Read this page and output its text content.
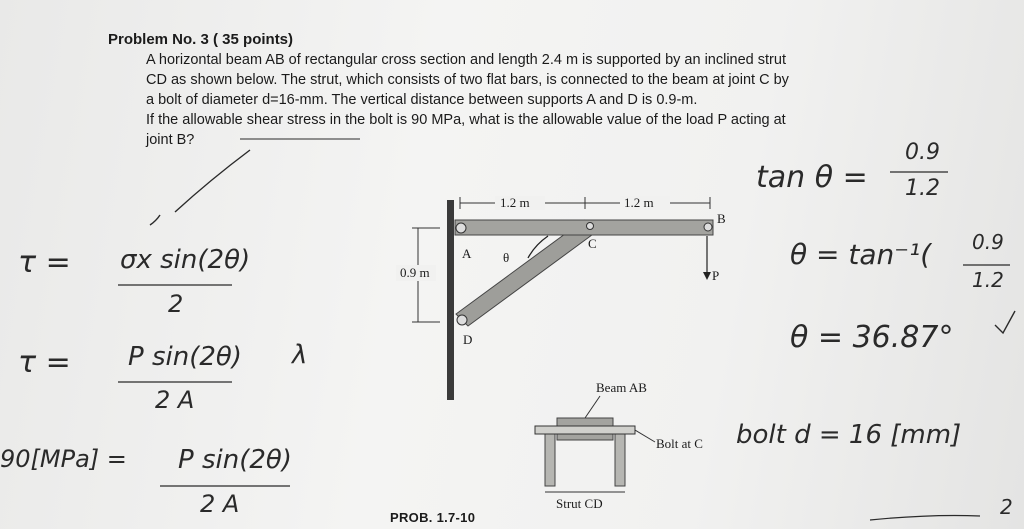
Problem No. 3 ( 35 points)

A horizontal beam AB of rectangular cross section and length 2.4 m is supported by an inclined strut

CD as shown below. The strut, which consists of two flat bars, is connected to the beam at joint C by

a bolt of diameter d=16-mm. The vertical distance between supports A and D is 0.9-m.

If the allowable shear stress in the bolt is 90 MPa, what is the allowable value of the load P acting at

joint B?

1.2 m	1.2 m
0.9 m
A
B
C
D
P
θ
Beam AB
Bolt at C
Strut CD
PROB. 1.7-10
τ = σx sin(2θ)
2
τ = P sin(2θ) λ
2 A
90[MPa] = P sin(2θ)
2 A
tan θ =
0.9
1.2
θ = tan⁻¹( 0.9
1.2
θ = 36.87°
bolt d = 16 [mm]
2
